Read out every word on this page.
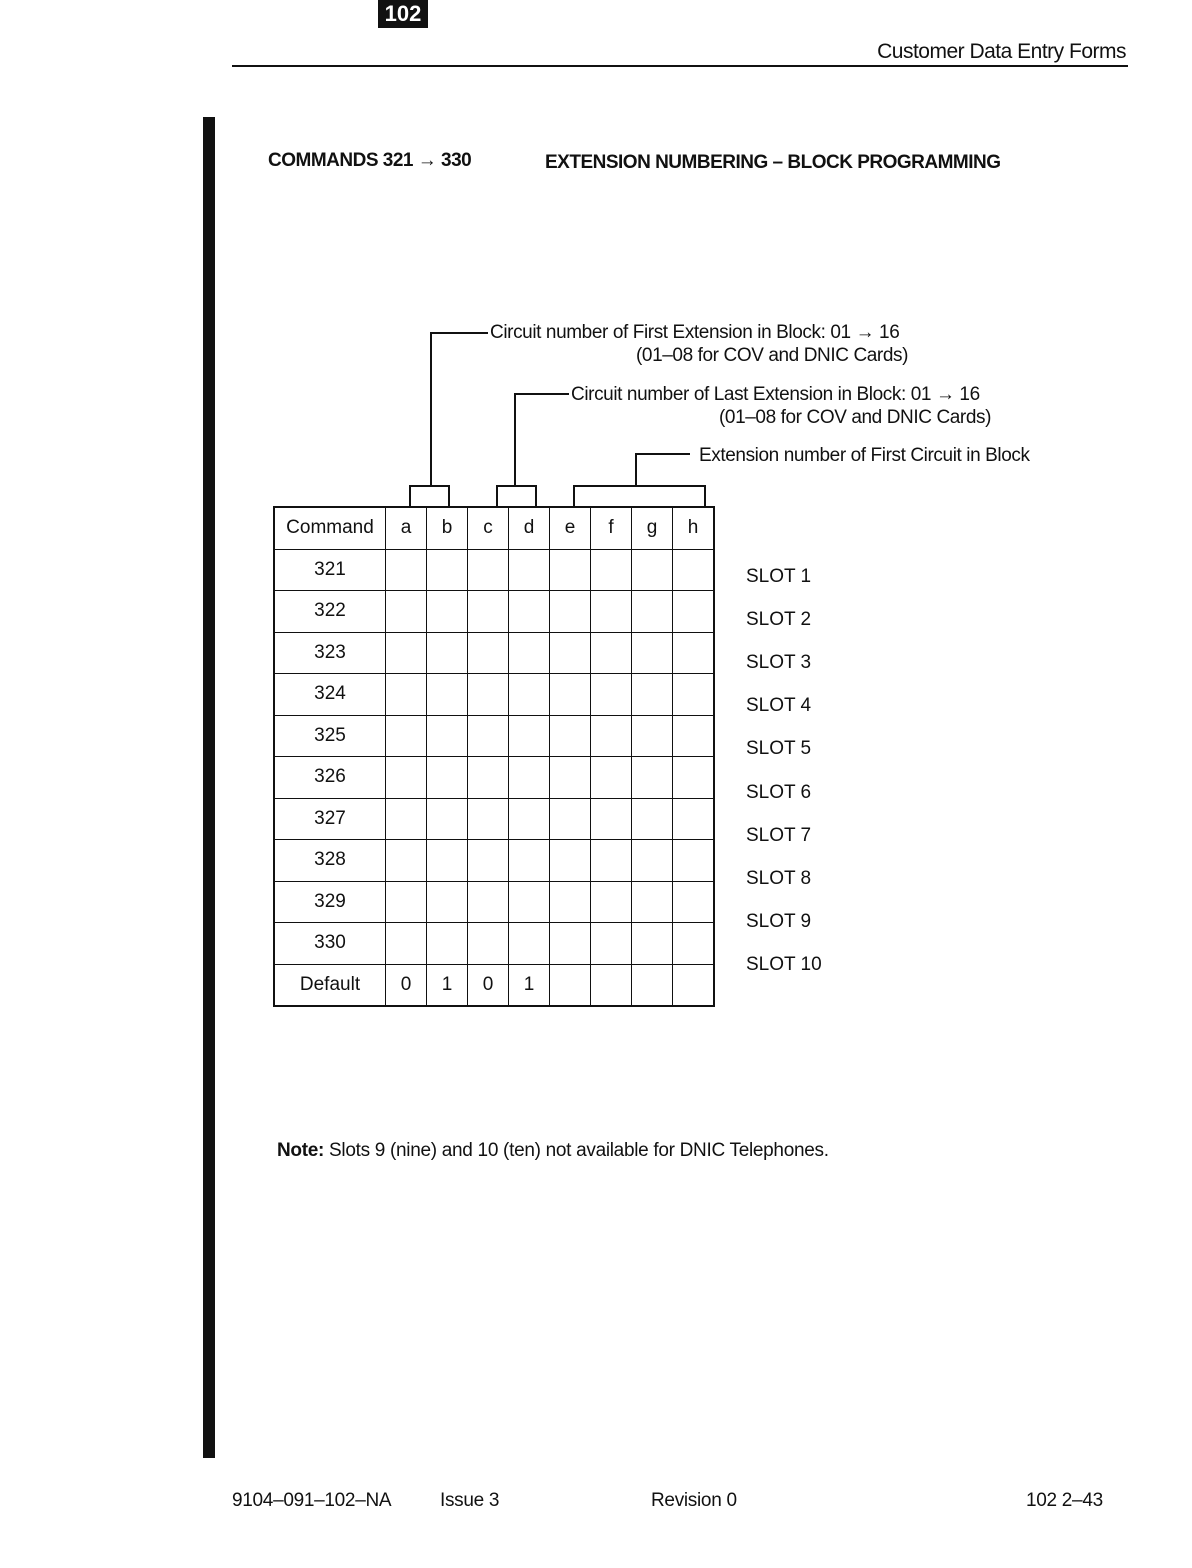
102
Customer Data Entry Forms
COMMANDS 321 → 330	EXTENSION NUMBERING – BLOCK PROGRAMMING
Circuit number of First Extension in Block: 01 → 16
(01–08 for COV and DNIC Cards)
Circuit number of Last Extension in Block: 01 → 16
(01–08 for COV and DNIC Cards)
Extension number of First Circuit in Block
Command	a	b	c	d	e	f	g	h
321								
322								
323								
324								
325								
326								
327								
328								
329								
330								
Default	0	1	0	1				
SLOT 1
SLOT 2
SLOT 3
SLOT 4
SLOT 5
SLOT 6
SLOT 7
SLOT 8
SLOT 9
SLOT 10
Note: Slots 9 (nine) and 10 (ten) not available for DNIC Telephones.
9104–091–102–NA	Issue 3	Revision 0	102 2–43
